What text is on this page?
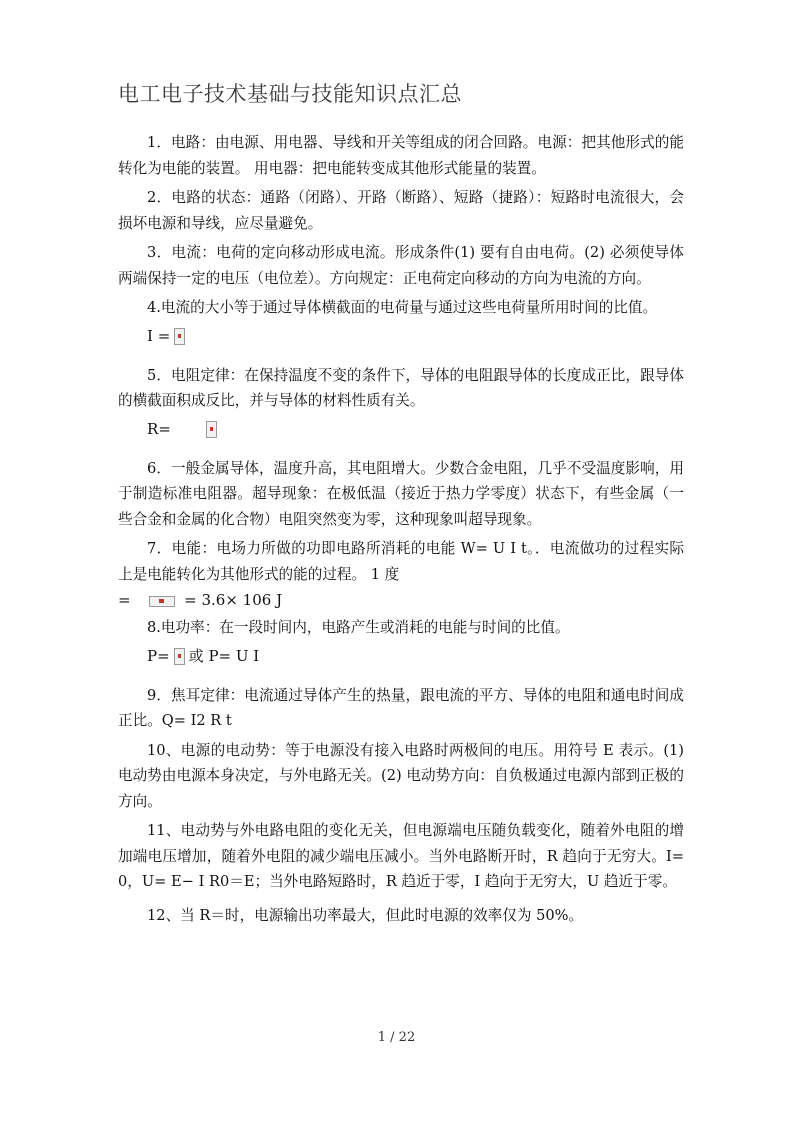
电工电子技术基础与技能知识点汇总

1．电路：由电源、用电器、导线和开关等组成的闭合回路。电源：把其他形式的能转化为电能的装置。 用电器：把电能转变成其他形式能量的装置。

2．电路的状态：通路（闭路）、开路（断路）、短路（捷路）：短路时电流很大，会损坏电源和导线，应尽量避免。

3．电流：电荷的定向移动形成电流。形成条件(1) 要有自由电荷。(2) 必须使导体两端保持一定的电压（电位差）。方向规定：正电荷定向移动的方向为电流的方向。

4.电流的大小等于通过导体横截面的电荷量与通过这些电荷量所用时间的比值。

I =

5．电阻定律：在保持温度不变的条件下，导体的电阻跟导体的长度成正比，跟导体的横截面积成反比，并与导体的材料性质有关。

R=

6．一般金属导体，温度升高，其电阻增大。少数合金电阻，几乎不受温度影响，用于制造标准电阻器。超导现象：在极低温（接近于热力学零度）状态下，有些金属（一些合金和金属的化合物）电阻突然变为零，这种现象叫超导现象。

7．电能：电场力所做的功即电路所消耗的电能 W= U I t。．电流做功的过程实际上是电能转化为其他形式的能的过程。 1 度

=	= 3.6× 106 J

8.电功率：在一段时间内，电路产生或消耗的电能与时间的比值。

P= 或 P= U I

9．焦耳定律：电流通过导体产生的热量，跟电流的平方、导体的电阻和通电时间成正比。Q= I2 R t

10、电源的电动势：等于电源没有接入电路时两极间的电压。用符号 E 表示。(1)电动势由电源本身决定，与外电路无关。(2) 电动势方向：自负极通过电源内部到正极的方向。

11、电动势与外电路电阻的变化无关，但电源端电压随负载变化，随着外电阻的增加端电压增加，随着外电阻的减少端电压减小。当外电路断开时，R 趋向于无穷大。I= 0，U= E− I R0＝E；当外电路短路时，R 趋近于零，I 趋向于无穷大，U 趋近于零。

12、当 R＝时，电源输出功率最大，但此时电源的效率仅为 50%。

1 / 22
